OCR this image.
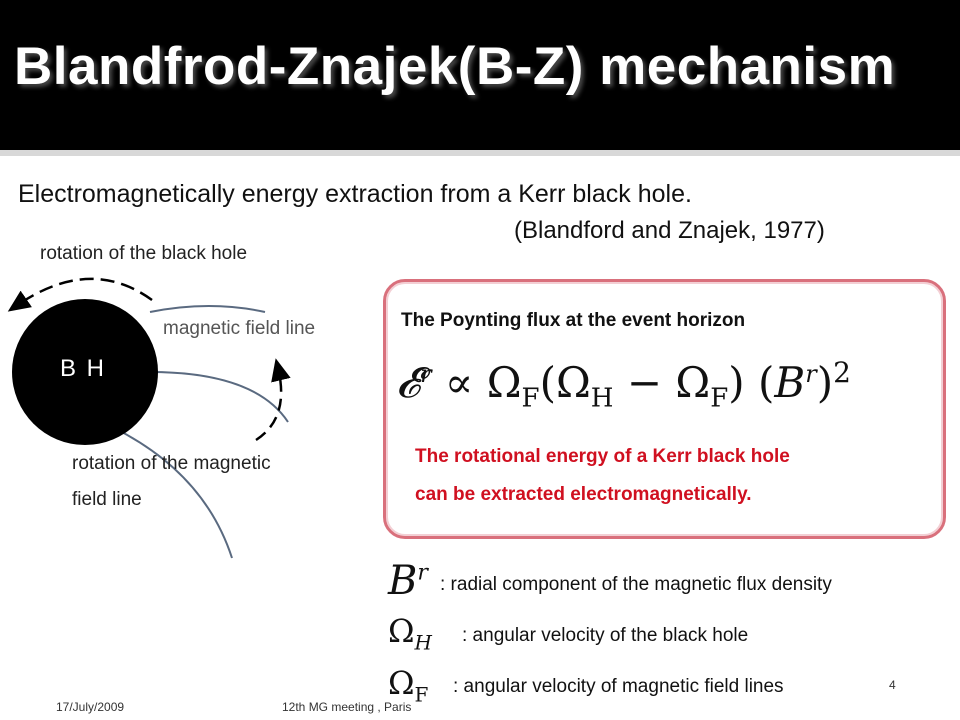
Blandfrod-Znajek(B-Z) mechanism
Electromagnetically energy extraction from a Kerr black hole.
(Blandford and Znajek, 1977)
B H
rotation of the black hole
magnetic field line
rotation of the magnetic
field line
The Poynting flux at the event horizon
𝓔$^r$ ∝ $\Omega_F(\Omega_H - \Omega_F)$ $(B^r)^2$
The rotational energy of a Kerr black hole
can be extracted electromagnetically.
$B^r$ : radial component of the magnetic flux density
$\Omega_H$ : angular velocity of the black hole
$\Omega_F$ : angular velocity of magnetic field lines
17/July/2009	12th MG meeting , Paris
4
